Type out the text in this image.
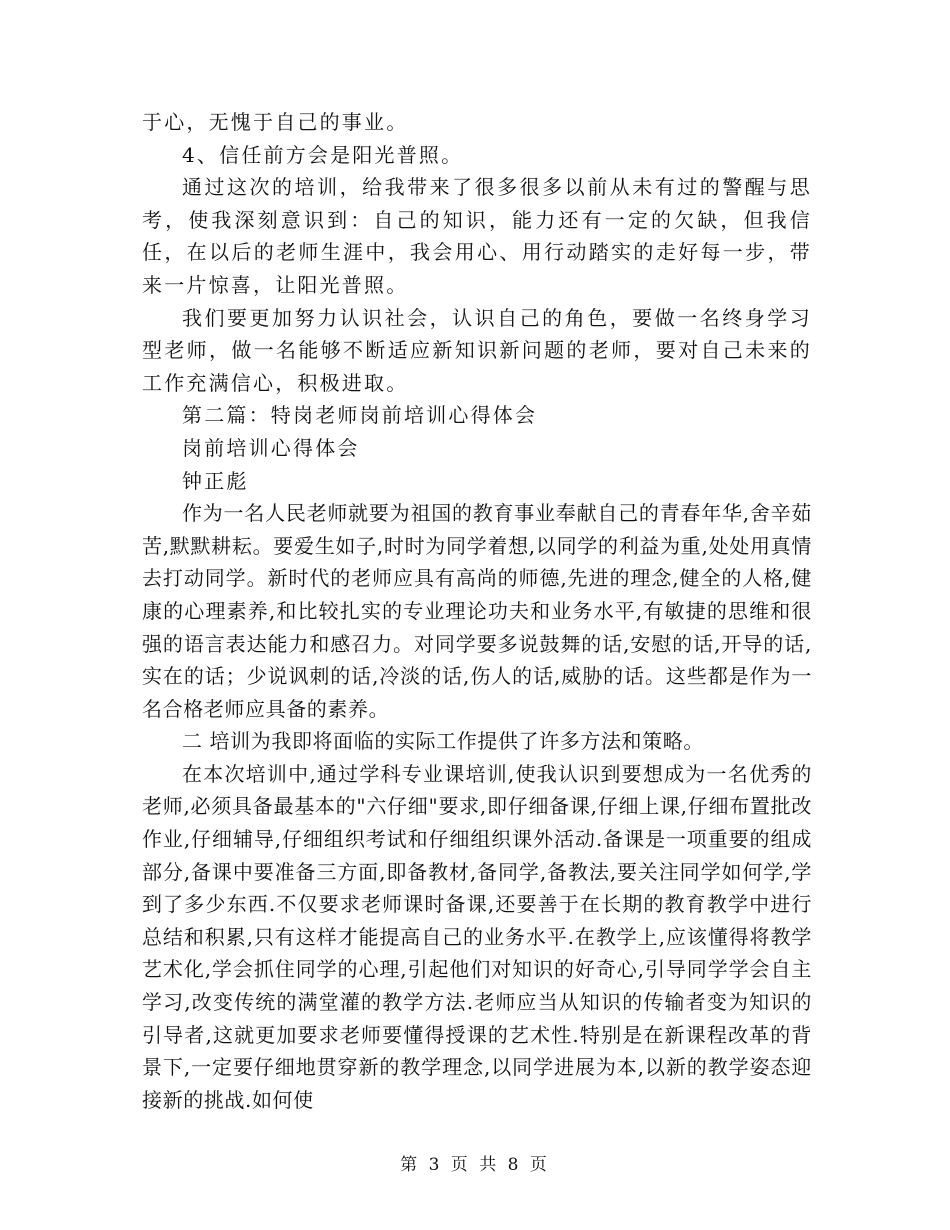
于心，无愧于自己的事业。

4、信任前方会是阳光普照。

通过这次的培训，给我带来了很多很多以前从未有过的警醒与思考，使我深刻意识到：自己的知识，能力还有一定的欠缺，但我信任，在以后的老师生涯中，我会用心、用行动踏实的走好每一步，带来一片惊喜，让阳光普照。

我们要更加努力认识社会，认识自己的角色，要做一名终身学习型老师，做一名能够不断适应新知识新问题的老师，要对自己未来的工作充满信心，积极进取。

第二篇：特岗老师岗前培训心得体会

岗前培训心得体会

钟正彪

作为一名人民老师就要为祖国的教育事业奉献自己的青春年华,舍辛茹苦,默默耕耘。要爱生如子,时时为同学着想,以同学的利益为重,处处用真情去打动同学。新时代的老师应具有高尚的师德,先进的理念,健全的人格,健康的心理素养,和比较扎实的专业理论功夫和业务水平,有敏捷的思维和很强的语言表达能力和感召力。对同学要多说鼓舞的话,安慰的话,开导的话,实在的话；少说讽刺的话,冷淡的话,伤人的话,威胁的话。这些都是作为一名合格老师应具备的素养。

二 培训为我即将面临的实际工作提供了许多方法和策略。

在本次培训中,通过学科专业课培训,使我认识到要想成为一名优秀的老师,必须具备最基本的"六仔细"要求,即仔细备课,仔细上课,仔细布置批改作业,仔细辅导,仔细组织考试和仔细组织课外活动.备课是一项重要的组成部分,备课中要准备三方面,即备教材,备同学,备教法,要关注同学如何学,学到了多少东西.不仅要求老师课时备课,还要善于在长期的教育教学中进行总结和积累,只有这样才能提高自己的业务水平.在教学上,应该懂得将教学艺术化,学会抓住同学的心理,引起他们对知识的好奇心,引导同学学会自主学习,改变传统的满堂灌的教学方法.老师应当从知识的传输者变为知识的引导者,这就更加要求老师要懂得授课的艺术性.特别是在新课程改革的背景下,一定要仔细地贯穿新的教学理念,以同学进展为本,以新的教学姿态迎接新的挑战.如何使

第 3 页 共 8 页
